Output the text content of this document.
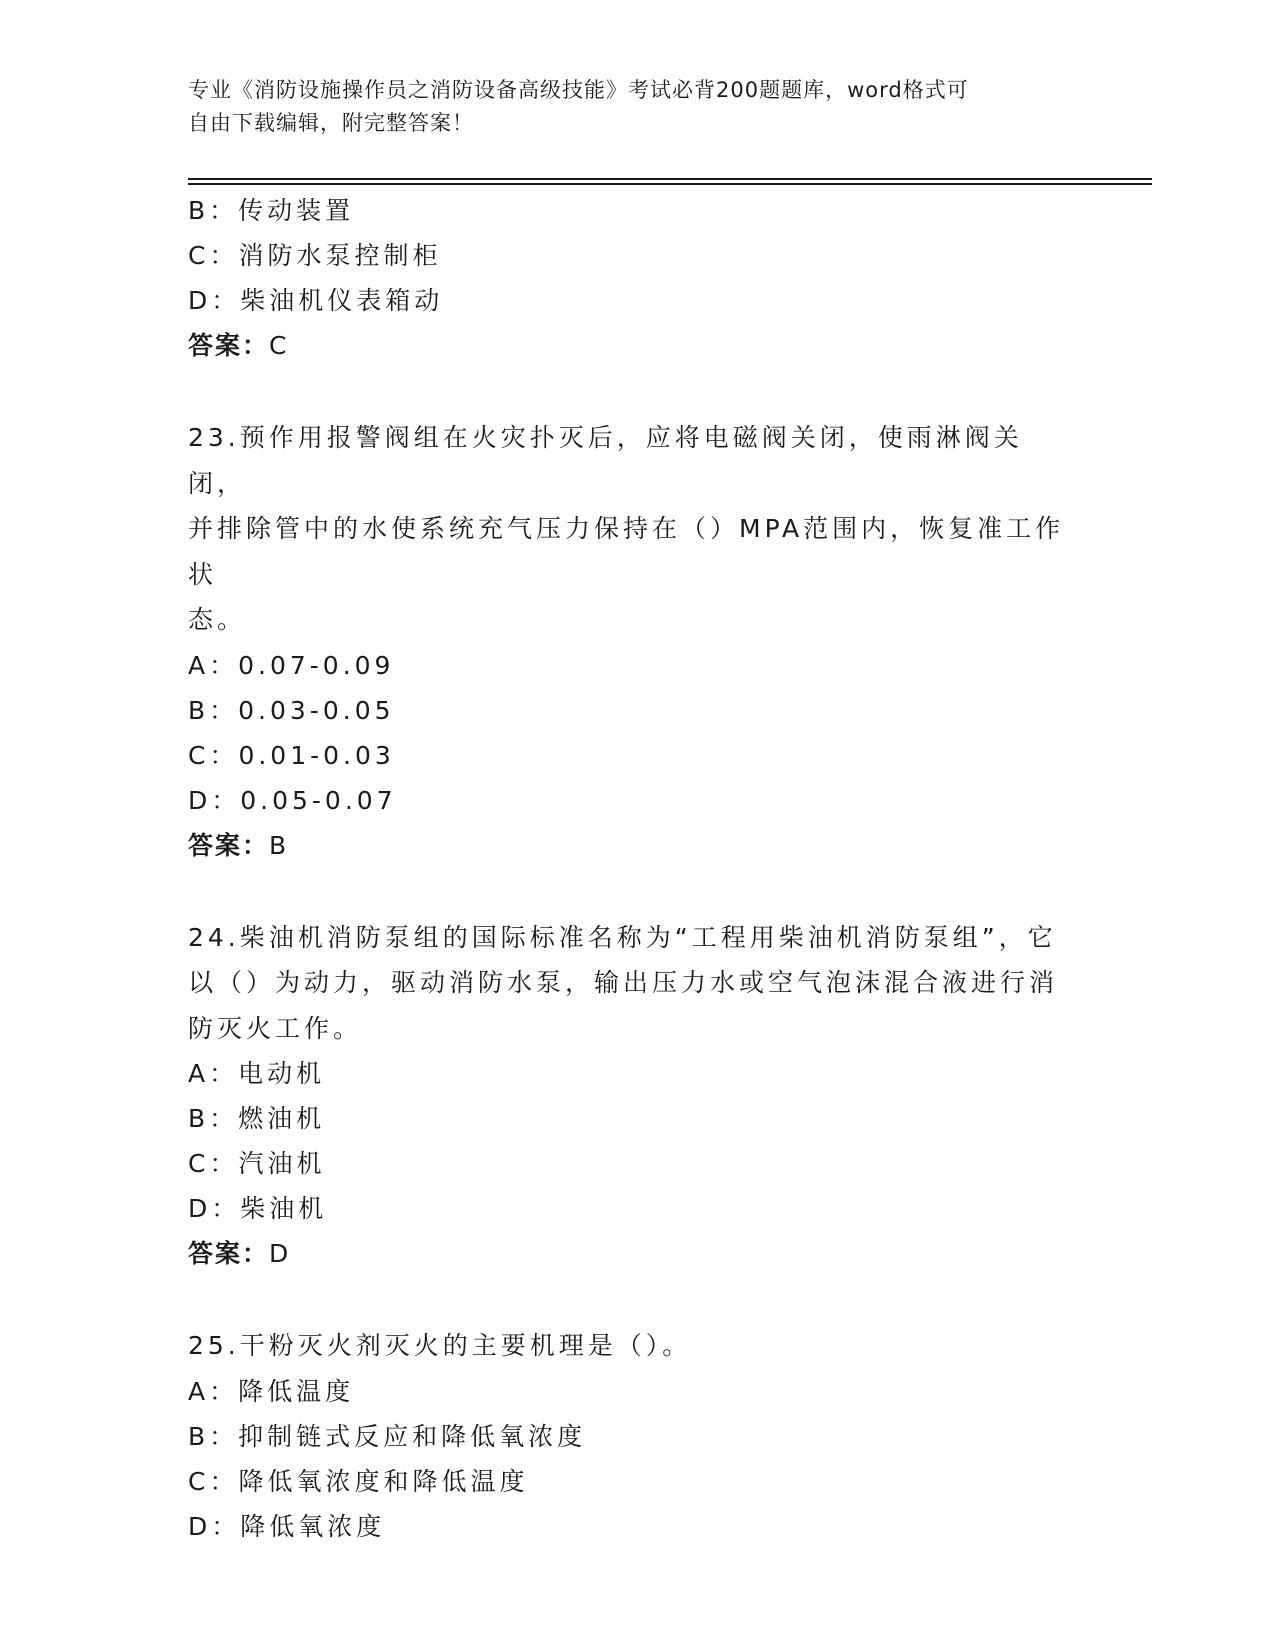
专业《消防设施操作员之消防设备高级技能》考试必背200题题库，word格式可
自由下载编辑，附完整答案！
B：传动装置
C：消防水泵控制柜
D：柴油机仪表箱动
答案：C
23.预作用报警阀组在火灾扑灭后，应将电磁阀关闭，使雨淋阀关闭，
并排除管中的水使系统充气压力保持在（）MPA范围内，恢复准工作状
态。
A：0.07-0.09
B：0.03-0.05
C：0.01-0.03
D：0.05-0.07
答案：B
24.柴油机消防泵组的国际标准名称为“工程用柴油机消防泵组”，它
以（）为动力，驱动消防水泵，输出压力水或空气泡沫混合液进行消
防灭火工作。
A：电动机
B：燃油机
C：汽油机
D：柴油机
答案：D
25.干粉灭火剂灭火的主要机理是（）。
A：降低温度
B：抑制链式反应和降低氧浓度
C：降低氧浓度和降低温度
D：降低氧浓度
